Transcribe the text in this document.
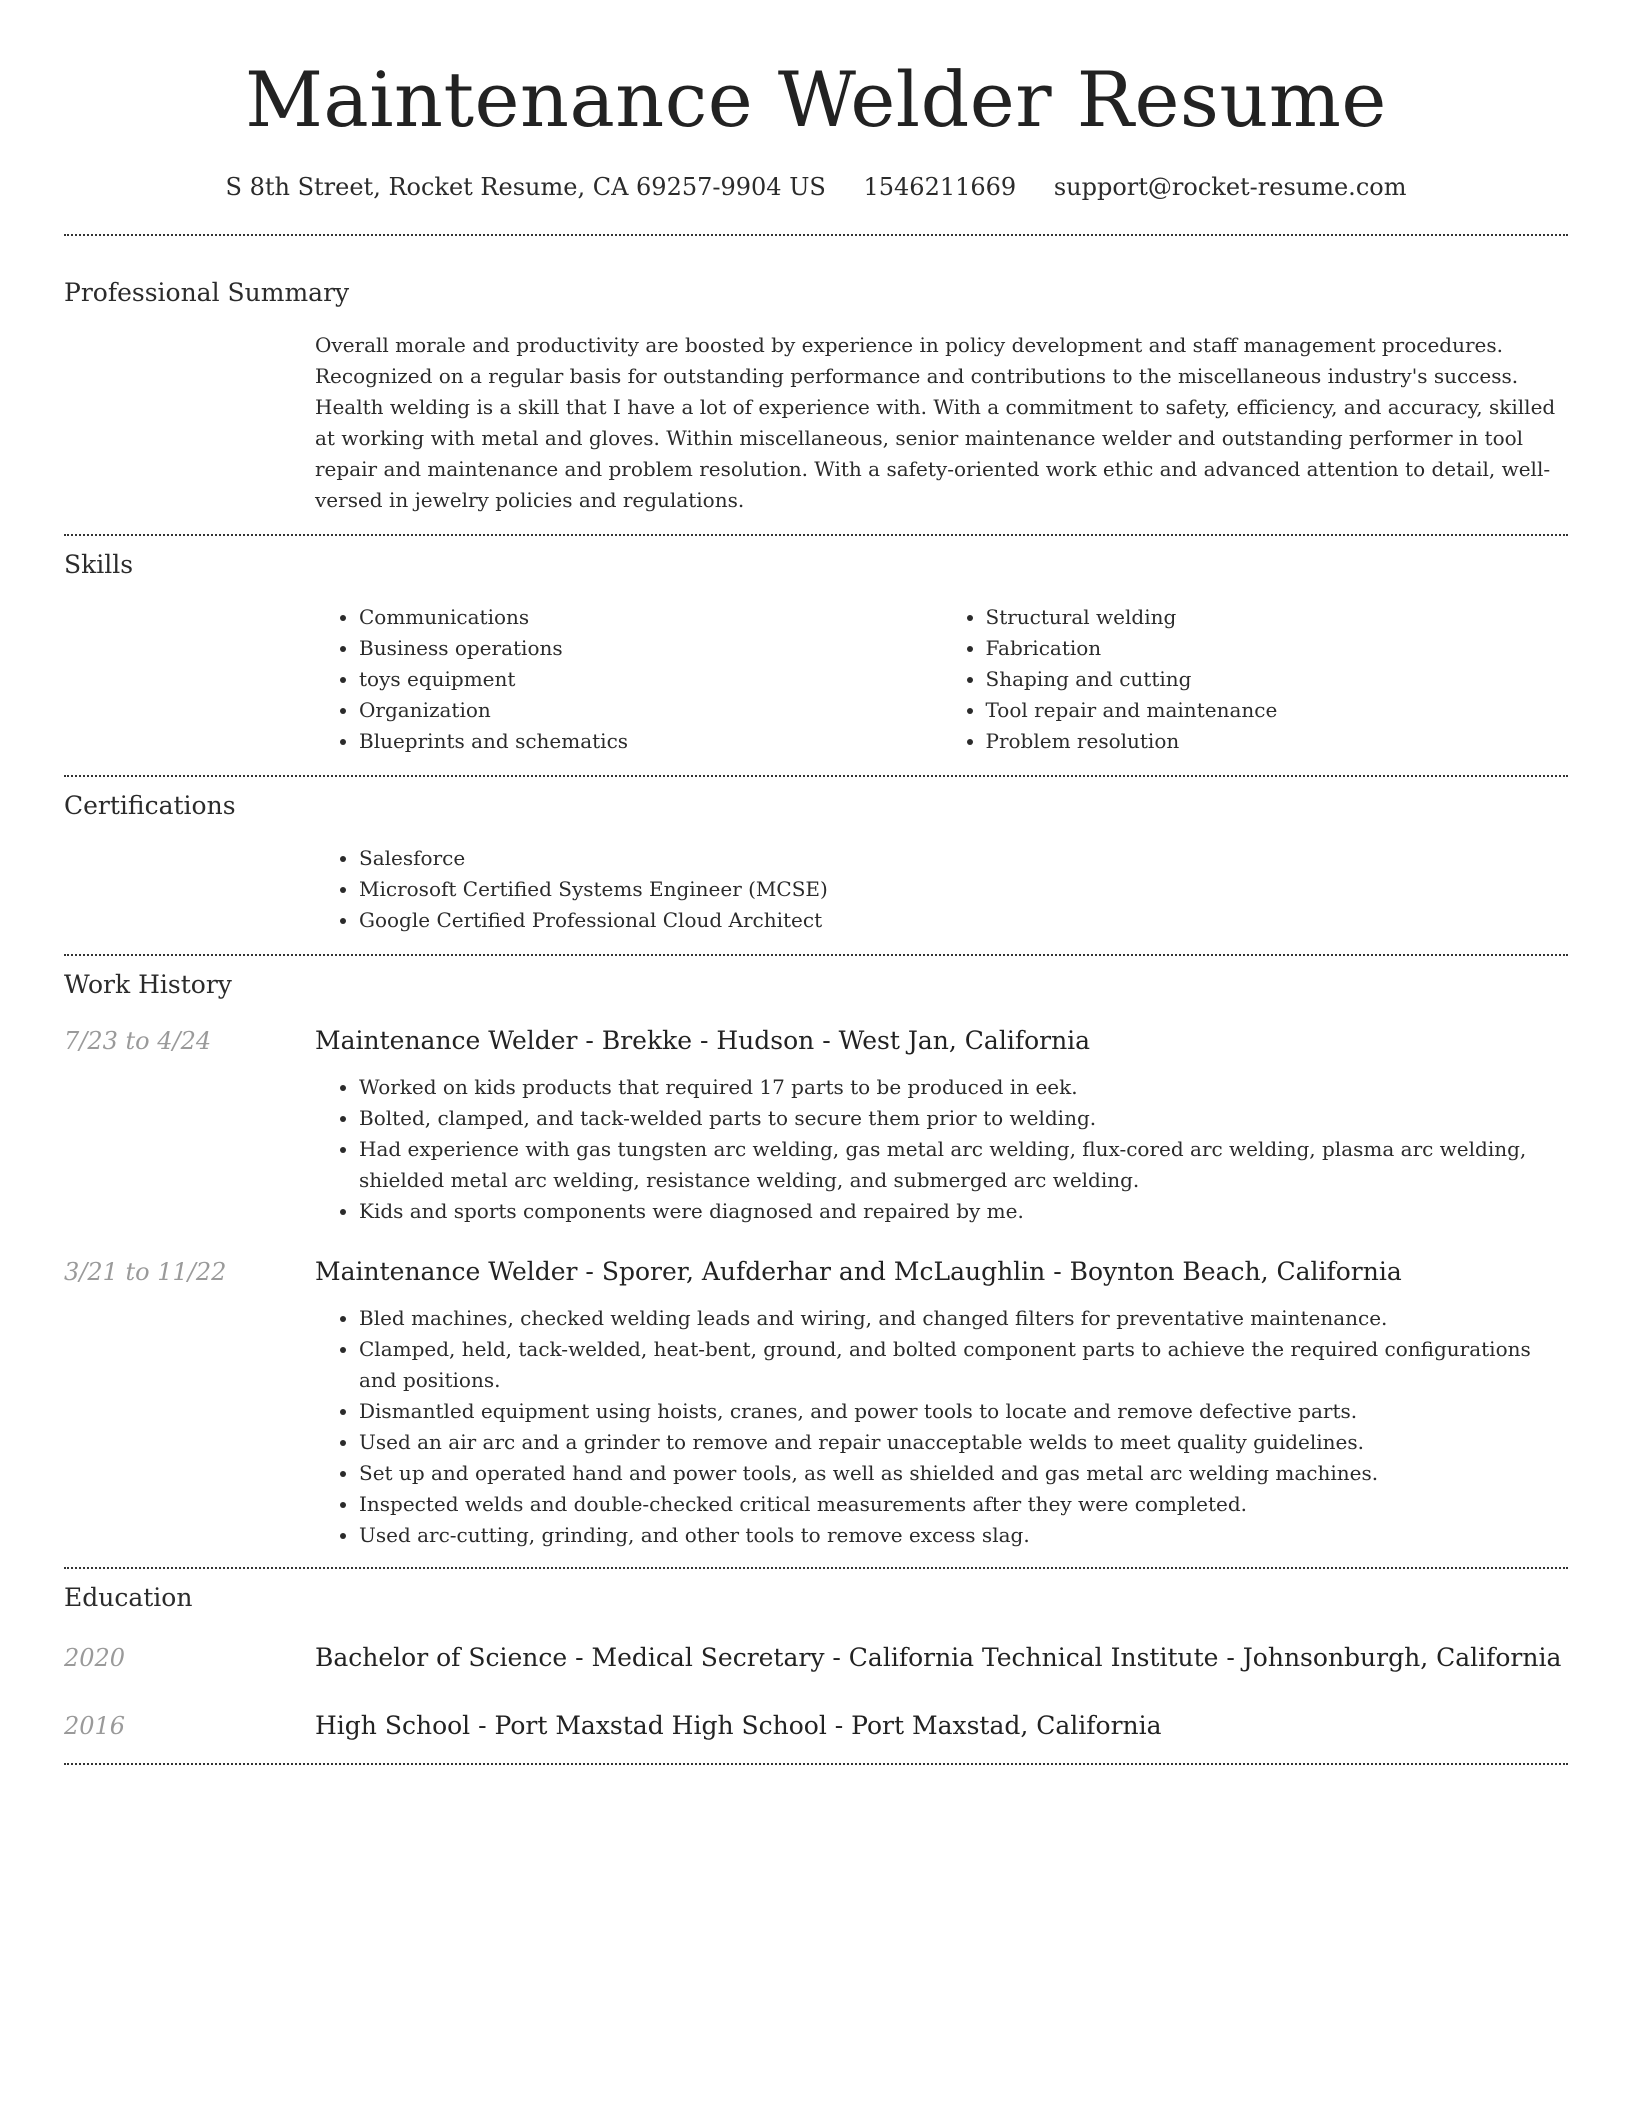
Maintenance Welder Resume
S 8th Street, Rocket Resume, CA 69257-9904 US 1546211669 support@rocket-resume.com
Professional Summary

Overall morale and productivity are boosted by experience in policy development and staff management procedures. Recognized on a regular basis for outstanding performance and contributions to the miscellaneous industry's success. Health welding is a skill that I have a lot of experience with. With a commitment to safety, efficiency, and accuracy, skilled at working with metal and gloves. Within miscellaneous, senior maintenance welder and outstanding performer in tool repair and maintenance and problem resolution. With a safety-oriented work ethic and advanced attention to detail, well-versed in jewelry policies and regulations.

Skills
• Communications
• Business operations
• toys equipment
• Organization
• Blueprints and schematics
• Structural welding
• Fabrication
• Shaping and cutting
• Tool repair and maintenance
• Problem resolution
Certifications
• Salesforce
• Microsoft Certified Systems Engineer (MCSE)
• Google Certified Professional Cloud Architect
Work History
7/23 to 4/24	Maintenance Welder - Brekke - Hudson - West Jan, California
• Worked on kids products that required 17 parts to be produced in eek.
• Bolted, clamped, and tack-welded parts to secure them prior to welding.
• Had experience with gas tungsten arc welding, gas metal arc welding, flux-cored arc welding, plasma arc welding, shielded metal arc welding, resistance welding, and submerged arc welding.
• Kids and sports components were diagnosed and repaired by me.
3/21 to 11/22	Maintenance Welder - Sporer, Aufderhar and McLaughlin - Boynton Beach, California
• Bled machines, checked welding leads and wiring, and changed filters for preventative maintenance.
• Clamped, held, tack-welded, heat-bent, ground, and bolted component parts to achieve the required configurations and positions.
• Dismantled equipment using hoists, cranes, and power tools to locate and remove defective parts.
• Used an air arc and a grinder to remove and repair unacceptable welds to meet quality guidelines.
• Set up and operated hand and power tools, as well as shielded and gas metal arc welding machines.
• Inspected welds and double-checked critical measurements after they were completed.
• Used arc-cutting, grinding, and other tools to remove excess slag.
Education
2020	Bachelor of Science - Medical Secretary - California Technical Institute - Johnsonburgh, California
2016	High School - Port Maxstad High School - Port Maxstad, California
